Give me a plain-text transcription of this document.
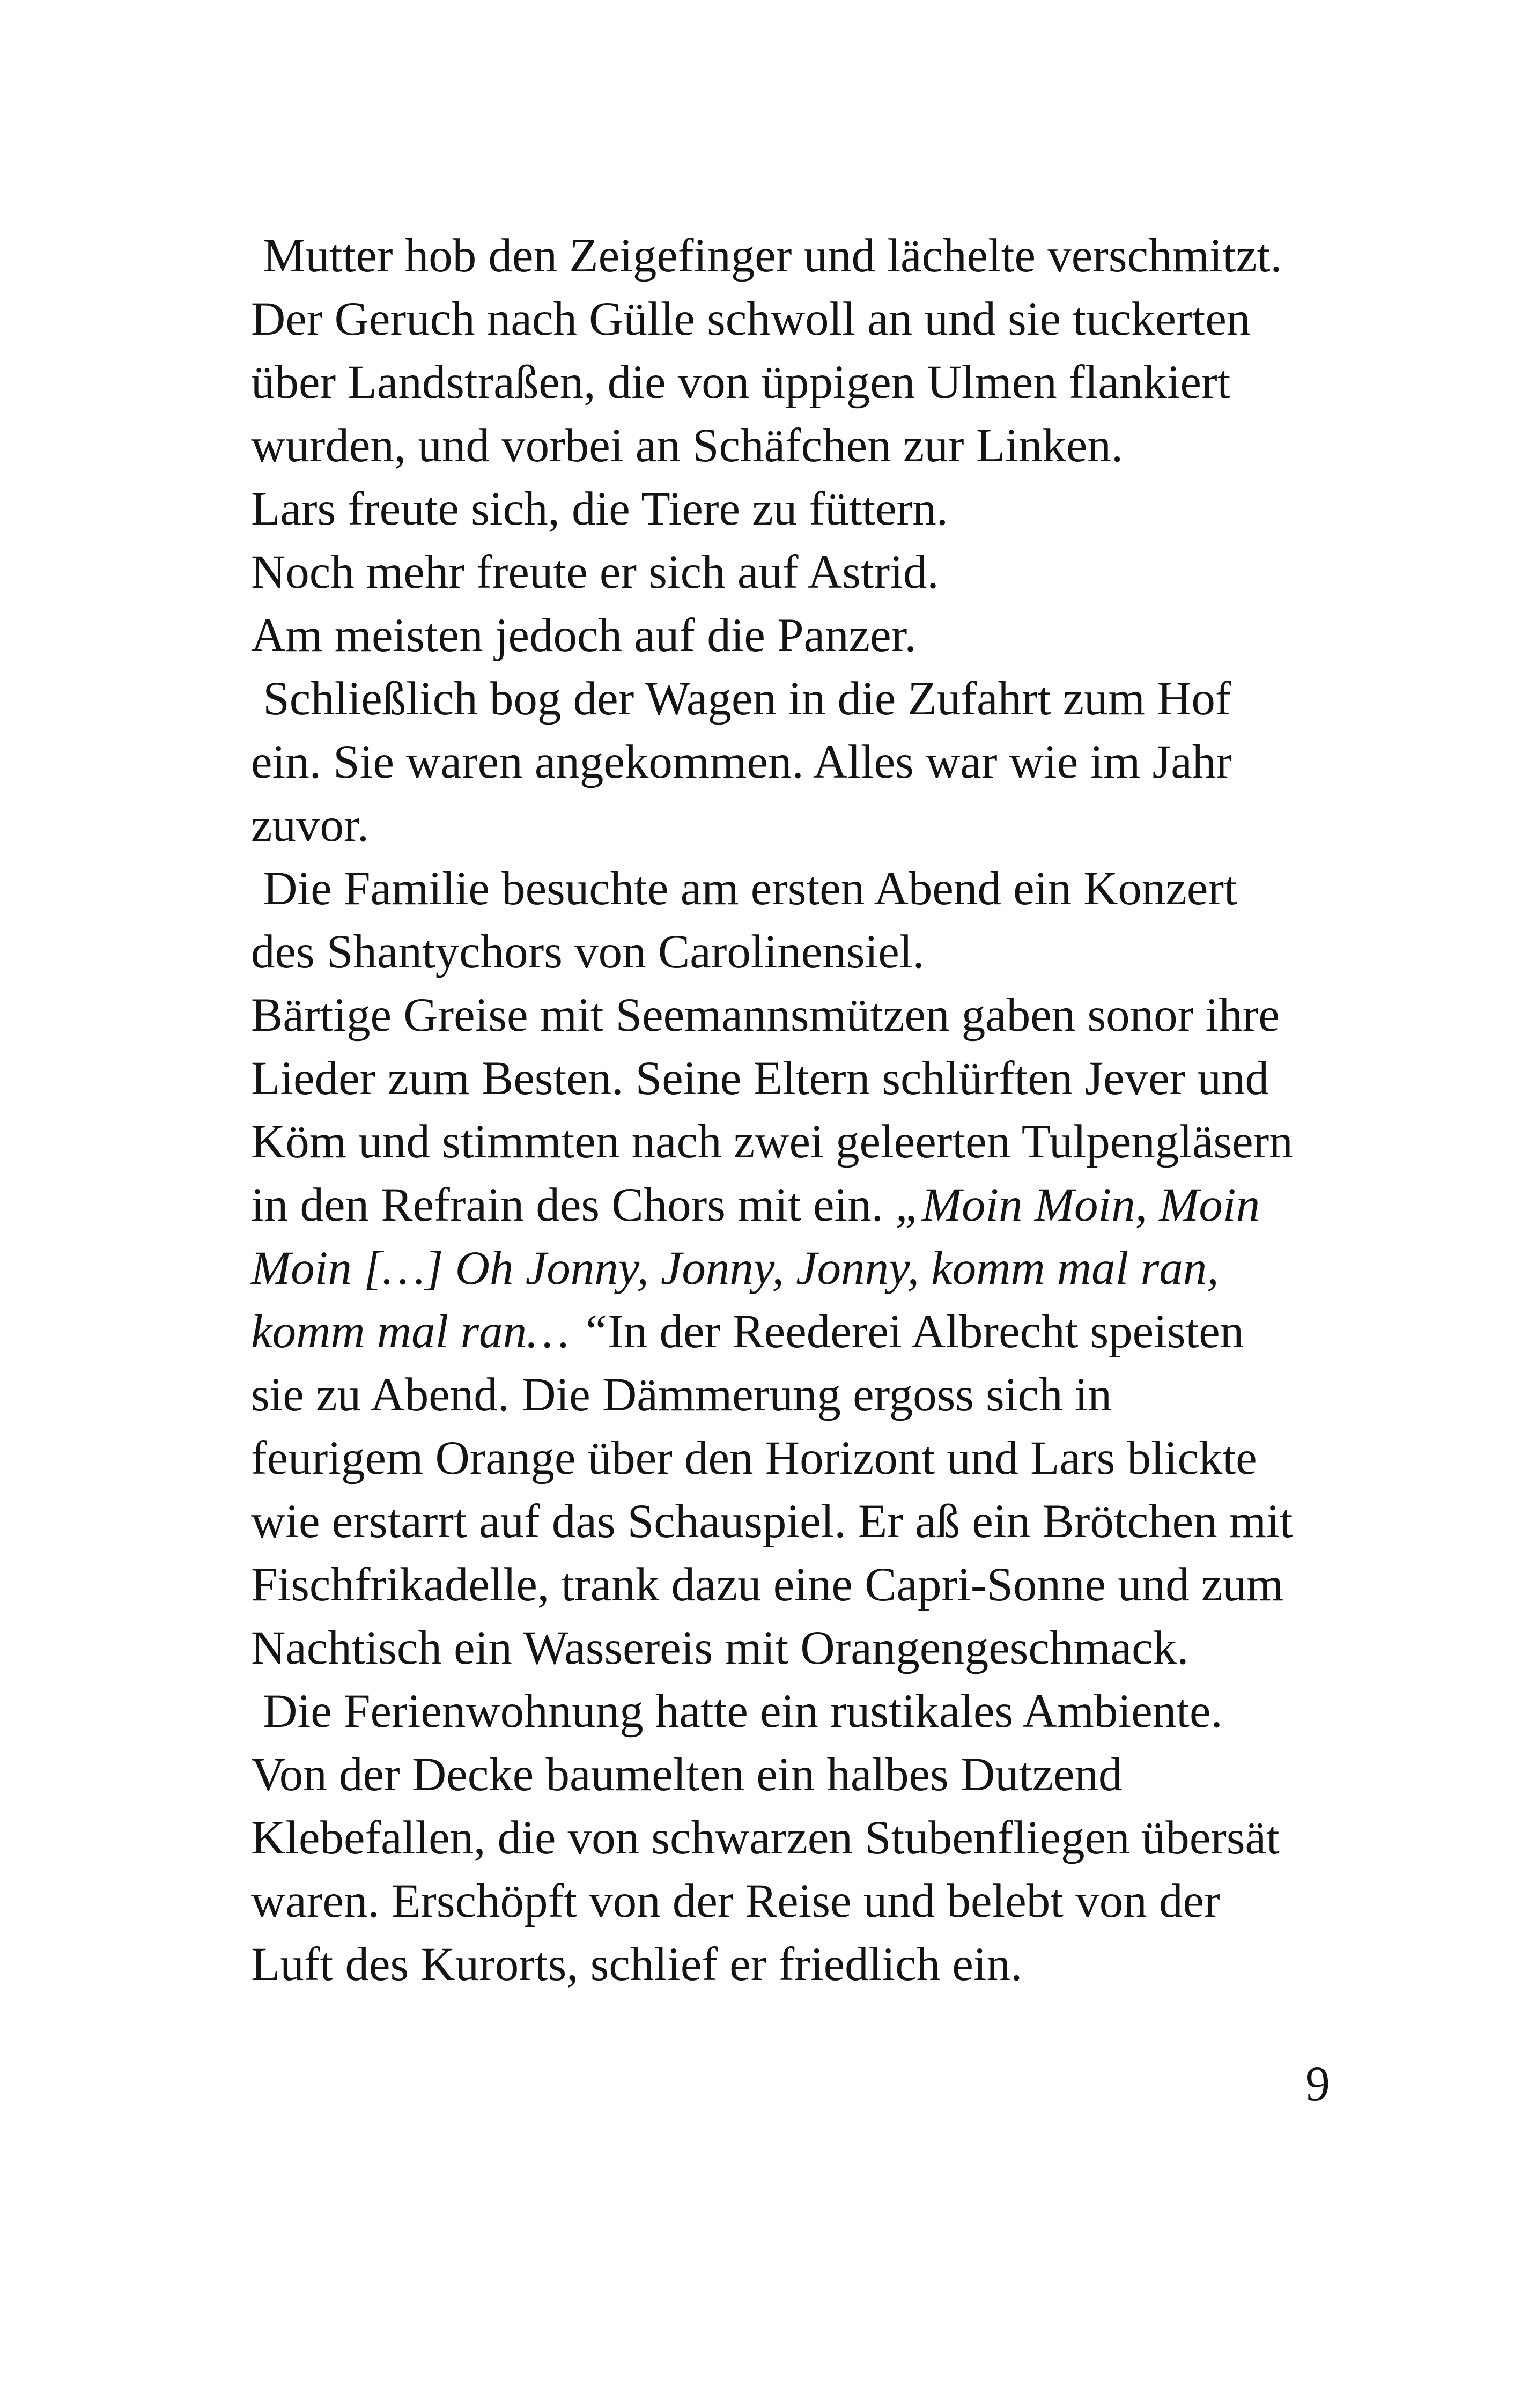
Mutter hob den Zeigefinger und lächelte verschmitzt.
Der Geruch nach Gülle schwoll an und sie tuckerten
über Landstraßen, die von üppigen Ulmen flankiert
wurden, und vorbei an Schäfchen zur Linken.
Lars freute sich, die Tiere zu füttern.
Noch mehr freute er sich auf Astrid.
Am meisten jedoch auf die Panzer.
Schließlich bog der Wagen in die Zufahrt zum Hof
ein. Sie waren angekommen. Alles war wie im Jahr
zuvor.
Die Familie besuchte am ersten Abend ein Konzert
des Shantychors von Carolinensiel.
Bärtige Greise mit Seemannsmützen gaben sonor ihre
Lieder zum Besten. Seine Eltern schlürften Jever und
Köm und stimmten nach zwei geleerten Tulpengläsern
in den Refrain des Chors mit ein. „Moin Moin, Moin
Moin […] Oh Jonny, Jonny, Jonny, komm mal ran,
komm mal ran… “In der Reederei Albrecht speisten
sie zu Abend. Die Dämmerung ergoss sich in
feurigem Orange über den Horizont und Lars blickte
wie erstarrt auf das Schauspiel. Er aß ein Brötchen mit
Fischfrikadelle, trank dazu eine Capri-Sonne und zum
Nachtisch ein Wassereis mit Orangengeschmack.
Die Ferienwohnung hatte ein rustikales Ambiente.
Von der Decke baumelten ein halbes Dutzend
Klebefallen, die von schwarzen Stubenfliegen übersät
waren. Erschöpft von der Reise und belebt von der
Luft des Kurorts, schlief er friedlich ein.
9
